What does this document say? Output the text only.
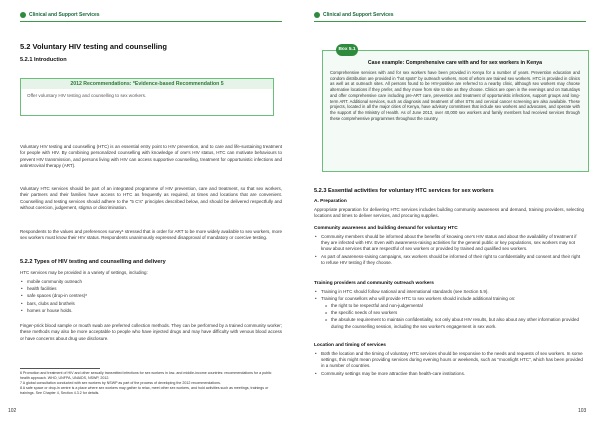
Clinical and Support Services
5.2 Voluntary HIV testing and counselling
5.2.1 Introduction
2012 Recommendations: *Evidence-based Recommendation 5
Offer voluntary HIV testing and counselling to sex workers.
Voluntary HIV testing and counselling (HTC) is an essential entry point to HIV prevention, and to care and life-sustaining treatment for people with HIV. By combining personalized counselling with knowledge of one's HIV status, HTC can motivate behaviours to prevent HIV transmission, and persons living with HIV can access supportive counselling, treatment for opportunistic infections and antiretroviral therapy (ART).
Voluntary HTC services should be part of an integrated programme of HIV prevention, care and treatment, so that sex workers, their partners and their families have access to HTC as frequently as required, at times and locations that are convenient. Counselling and testing services should adhere to the "5 C's" principles described below, and should be delivered respectfully and without coercion, judgement, stigma or discrimination.
Respondents to the values and preferences survey⁶ stressed that in order for ART to be more widely available to sex workers, more sex workers must know their HIV status. Respondents unanimously expressed disapproval of mandatory or coercive testing.
5.2.2 Types of HIV testing and counselling and delivery
HTC services may be provided in a variety of settings, including:
• mobile community outreach
• health facilities
• safe spaces (drop-in centres)⁸
• bars, clubs and brothels
• homes or house holds.
Finger-prick blood sample or mouth swab are preferred collection methods. They can be performed by a trained community worker; these methods may also be more acceptable to people who have injected drugs and may have difficulty with venous blood access or have concerns about drug use disclosure.
6 Promotion and treatment of HIV and other sexually transmitted infections for sex workers in low- and middle-income countries: recommendations for a public health approach. WHO, UNFPA, UNAIDS, NSWP, 2012.
7 A global consultation conducted with sex workers by NSWP as part of the process of developing the 2012 recommendations.
8 A safe space or drop-in centre is a place where sex workers may gather to relax, meet other sex workers, and hold activities such as meetings, trainings or trainings. See Chapter 4, Section 4.3.2 for details.
102
Clinical and Support Services
Box 5.1
Case example: Comprehensive care with and for sex workers in Kenya
Comprehensive services with and for sex workers have been provided in Kenya for a number of years. Prevention education and condom distribution are provided in "hot spots" by outreach workers, most of whom are trained sex workers. HTC is provided in clinics as well as at outreach sites. All persons found to be HIV-positive are referred to a nearby clinic, although sex workers may choose alternative locations if they prefer, and they move from site to site as they choose. Clinics are open in the evenings and on Saturdays and offer comprehensive care including pre-ART care, prevention and treatment of opportunistic infections, support groups and long-term ART. Additional services, such as diagnosis and treatment of other STIs and cervical cancer screening are also available. These projects, located in all the major cities of Kenya, have advisory committees that include sex workers and advocates, and operate with the support of the Ministry of Health. As of June 2013, over 40,000 sex workers and family members had received services through these comprehensive programmes throughout the country.
5.2.3 Essential activities for voluntary HTC services for sex workers
A. Preparation
Appropriate preparation for delivering HTC services includes building community awareness and demand, training providers, selecting locations and times to deliver services, and procuring supplies.
Community awareness and building demand for voluntary HTC
• Community members should be informed about the benefits of knowing one's HIV status and about the availability of treatment if they are infected with HIV. Even with awareness-raising activities for the general public or key populations, sex workers may not know about services that are respectful of sex workers or provided by trained and qualified sex workers.
• As part of awareness-raising campaigns, sex workers should be informed of their right to confidentiality and consent and their right to refuse HIV testing if they choose.
Training providers and community outreach workers
• Training in HTC should follow national and international standards (see Section 5.9).
• Training for counsellors who will provide HTC to sex workers should include additional training on:
o the right to be respectful and non-judgemental
o the specific needs of sex workers
o the absolute requirement to maintain confidentiality, not only about HIV results, but also about any other information provided during the counselling session, including the sex worker's engagement in sex work.
Location and timing of services
• Both the location and the timing of voluntary HTC services should be responsive to the needs and requests of sex workers. In some settings, this might mean providing services during evening hours or weekends, such as "moonlight HTC", which has been provided in a number of countries.
• Community settings may be more attractive than health-care institutions.
103
